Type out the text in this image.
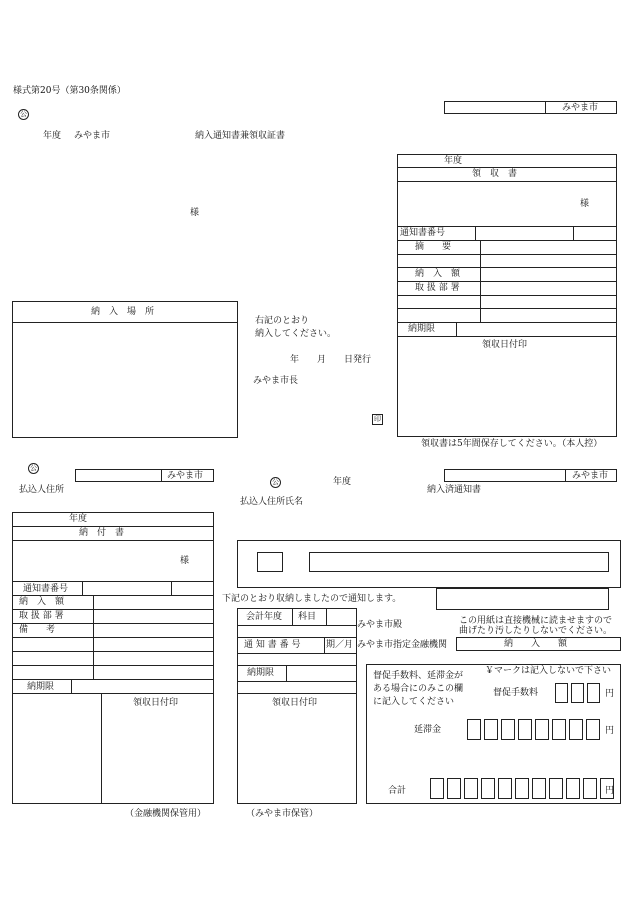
様式第20号（第30条関係）
公
みやま市
年度 みやま市	納入通知書兼領収証書
様
年度
領　収　書
様
通知書番号
摘　　要
納　入　額
取 扱 部 署
納期限
領収日付印
領収書は5年間保存してください。（本人控）
納　入　場　所
右記のとおり
納入してください。
年　　月　　日発行
みやま市長
印
公
みやま市
払込人住所
公	年度
払込人住所氏名
みやま市
納入済通知書
年度
納　付　書
様
通知書番号
納　入　額
取 扱 部 署
備　　考
納期限
領収日付印
（金融機関保管用）
下記のとおり収納しましたので通知します。
会計年度 科目
通 知 書 番 号	期／月
納期限
領収日付印
（みやま市保管）
みやま市殿
みやま市指定金融機関
この用紙は直接機械に読ませますので
曲げたり汚したりしないでください。
納　　入　　額
督促手数料、延滞金が
ある場合にのみこの欄
に記入してください
￥マークは記入しないで下さい
督促手数料	円
延滞金	円
合計	円
